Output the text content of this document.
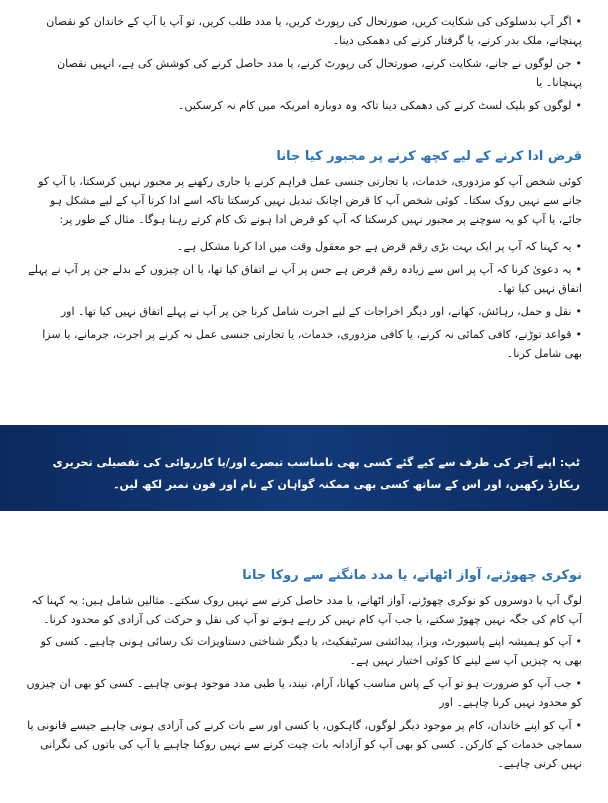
•اگر آپ بدسلوکی کی شکایت کریں، صورتحال کی رپورٹ کریں، یا مدد طلب کریں، تو آپ یا آپ کے خاندان کو نقصان پہنچانے، ملک بدر کرنے، یا گرفتار کرنے کی دھمکی دینا۔
•جن لوگوں نے جانے، شکایت کرنے، صورتحال کی رپورٹ کرنے، یا مدد حاصل کرنے کی کوشش کی ہے، انہیں نقصان پہنچانا۔ یا
•لوگوں کو بلیک لسٹ کرنے کی دھمکی دینا تاکہ وہ دوبارہ امریکہ میں کام نہ کرسکیں۔
قرض ادا کرنے کے لیے کچھ کرنے پر مجبور کیا جانا

کوئی شخص آپ کو مزدوری، خدمات، یا تجارتی جنسی عمل فراہم کرنے یا جاری رکھنے پر مجبور نہیں کرسکتا، یا آپ کو جانے سے نہیں روک سکتا۔ کوئی شخص آپ کا قرض اچانک تبدیل نہیں کرسکتا تاکہ اسے ادا کرنا آپ کے لیے مشکل ہو جائے، یا آپ کو یہ سوچنے پر مجبور نہیں کرسکتا کہ آپ کو قرض ادا ہونے تک کام کرتے رہنا ہوگا۔ مثال کے طور پر:

•یہ کہنا کہ آپ پر ایک بہت بڑی رقم قرض ہے جو معقول وقت میں ادا کرنا مشکل ہے۔
•یہ دعویٰ کرنا کہ آپ پر اس سے زیادہ رقم قرض ہے جس پر آپ نے اتفاق کیا تھا، یا ان چیزوں کے بدلے جن پر آپ نے پہلے اتفاق نہیں کیا تھا۔
•نقل و حمل، رہائش، کھانے، اور دیگر اخراجات کے لیے اجرت شامل کرنا جن پر آپ نے پہلے اتفاق نہیں کیا تھا۔ اور
•قواعد توڑنے، کافی کمائی نہ کرنے، یا کافی مزدوری، خدمات، یا تجارتی جنسی عمل نہ کرنے پر اجرت، جرمانے، یا سزا بھی شامل کرنا۔
ٹپ:اپنے آجر کی طرف سے کیے گئے کسی بھی نامناسب تبصرے اور/یا کارروائی کی تفصیلی تحریری ریکارڈ رکھیں، اور اس کے ساتھ کسی بھی ممکنہ گواہان کے نام اور فون نمبر لکھ لیں۔
نوکری چھوڑنے، آواز اٹھانے، یا مدد مانگنے سے روکا جانا

لوگ آپ یا دوسروں کو نوکری چھوڑنے، آواز اٹھانے، یا مدد حاصل کرنے سے نہیں روک سکتے۔ مثالیں شامل ہیں: یہ کہنا کہ آپ کام کی جگہ نہیں چھوڑ سکتے، یا جب آپ کام نہیں کر رہے ہوتے تو آپ کی نقل و حرکت کی آزادی کو محدود کرنا۔

•آپ کو ہمیشہ اپنے پاسپورٹ، ویزا، پیدائشی سرٹیفکیٹ، یا دیگر شناختی دستاویزات تک رسائی ہونی چاہیے۔ کسی کو بھی یہ چیزیں آپ سے لینے کا کوئی اختیار نہیں ہے۔
•جب آپ کو ضرورت ہو تو آپ کے پاس مناسب کھانا، آرام، نیند، یا طبی مدد موجود ہونی چاہیے۔ کسی کو بھی ان چیزوں کو محدود نہیں کرنا چاہیے۔ اور
•آپ کو اپنے خاندان، کام پر موجود دیگر لوگوں، گاہکوں، یا کسی اور سے بات کرنے کی آزادی ہونی چاہیے جیسے قانونی یا سماجی خدمات کے کارکن۔ کسی کو بھی آپ کو آزادانہ بات چیت کرنے سے نہیں روکنا چاہیے یا آپ کی باتوں کی نگرانی نہیں کرنی چاہیے۔
